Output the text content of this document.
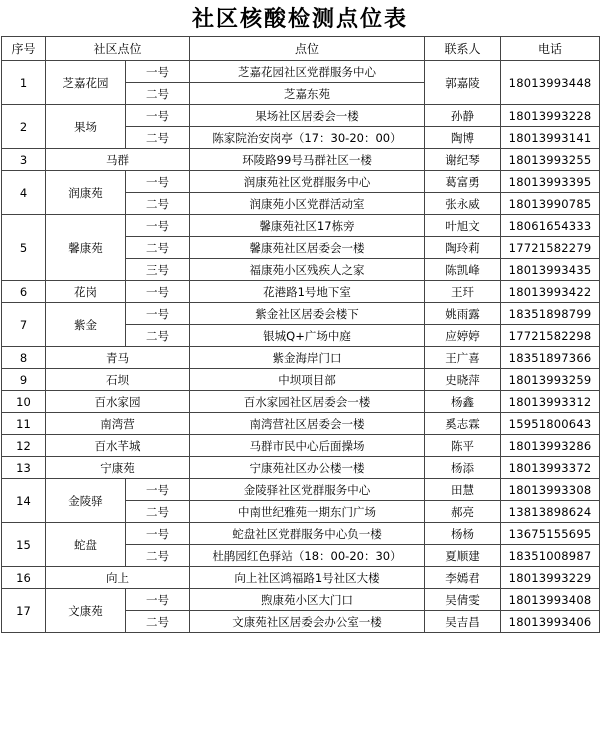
社区核酸检测点位表
序号	社区点位		点位	联系人	电话
1	芝嘉花园	一号	芝嘉花园社区党群服务中心	郭嘉陵	18013993448
		二号	芝嘉东苑		
2	果场	一号	果场社区居委会一楼	孙静	18013993228
		二号	陈家院治安岗亭（17：30-20：00）	陶博	18013993141
3	马群		环陵路99号马群社区一楼	谢纪琴	18013993255
4	润康苑	一号	润康苑社区党群服务中心	葛富勇	18013993395
		二号	润康苑小区党群活动室	张永威	18013990785
5	馨康苑	一号	馨康苑社区17栋旁	叶旭文	18061654333
		二号	馨康苑社区居委会一楼	陶玲莉	17721582279
		三号	福康苑小区残疾人之家	陈凯峰	18013993435
6	花岗	一号	花港路1号地下室	王玕	18013993422
7	紫金	一号	紫金社区居委会楼下	姚雨露	18351898799
		二号	银城Q+广场中庭	应婷婷	17721582298
8	青马		紫金海岸门口	王广喜	18351897366
9	石坝		中坝项目部	史晓萍	18013993259
10	百水家园		百水家园社区居委会一楼	杨鑫	18013993312
11	南湾营		南湾营社区居委会一楼	奚志霖	15951800643
12	百水芊城		马群市民中心后面操场	陈平	18013993286
13	宁康苑		宁康苑社区办公楼一楼	杨添	18013993372
14	金陵驿	一号	金陵驿社区党群服务中心	田慧	18013993308
		二号	中南世纪雅苑一期东门广场	郝亮	13813898624
15	蛇盘	一号	蛇盘社区党群服务中心负一楼	杨杨	13675155695
		二号	杜鹃园红色驿站（18：00-20：30）	夏顺建	18351008987
16	向上		向上社区鸿福路1号社区大楼	李嫣君	18013993229
17	文康苑	一号	煦康苑小区大门口	吴倩雯	18013993408
		二号	文康苑社区居委会办公室一楼	吴吉昌	18013993406
